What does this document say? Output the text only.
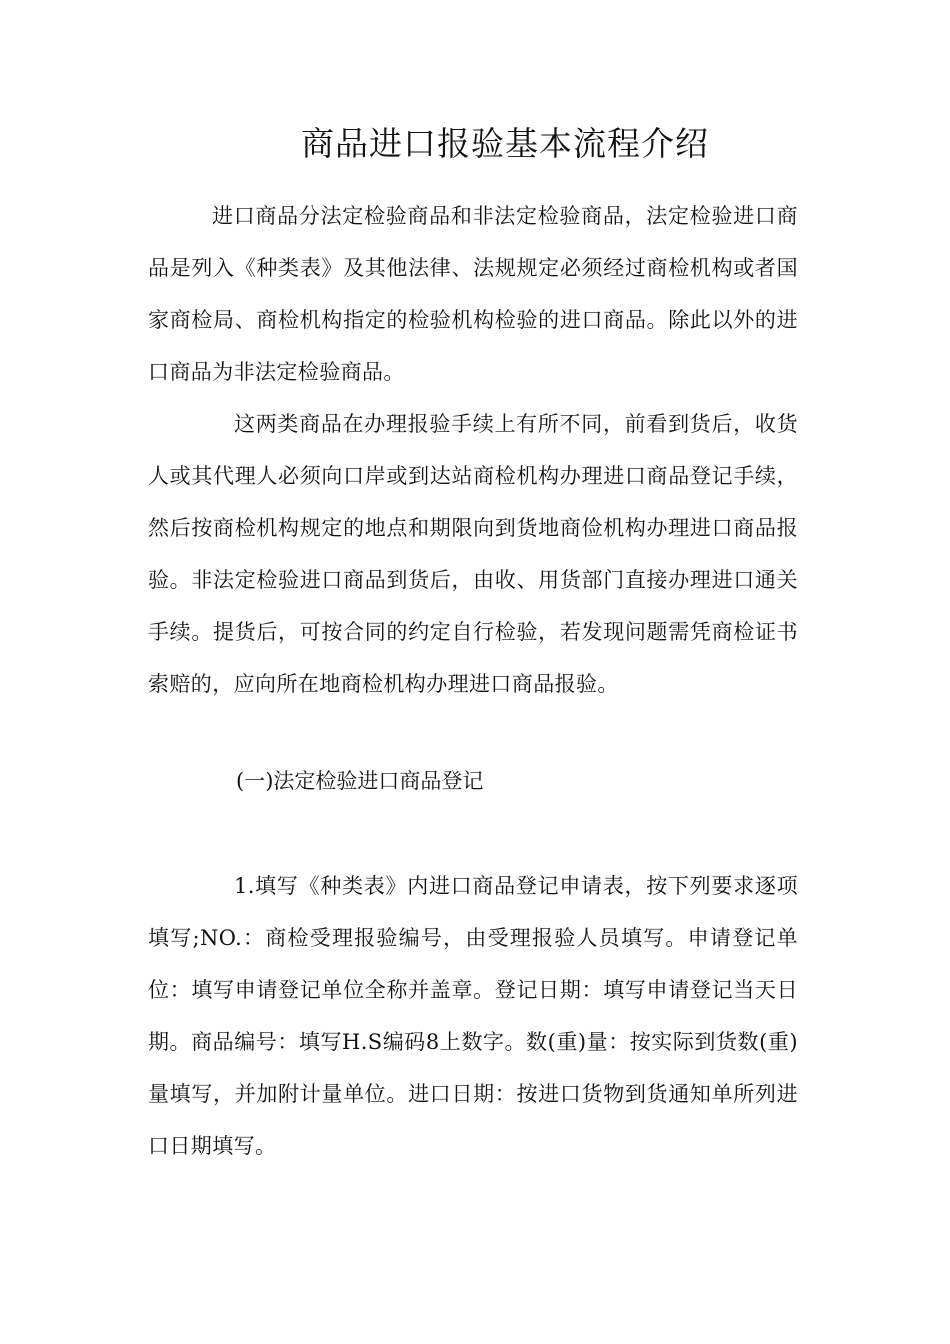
商品进口报验基本流程介绍

进口商品分法定检验商品和非法定检验商品，法定检验进口商品是列入《种类表》及其他法律、法规规定必须经过商检机构或者国家商检局、商检机构指定的检验机构检验的进口商品。除此以外的进口商品为非法定检验商品。

这两类商品在办理报验手续上有所不同，前看到货后，收货人或其代理人必须向口岸或到达站商检机构办理进口商品登记手续，然后按商检机构规定的地点和期限向到货地商俭机构办理进口商品报验。非法定检验进口商品到货后，由收、用货部门直接办理进口通关手续。提货后，可按合同的约定自行检验，若发现问题需凭商检证书索赔的，应向所在地商检机构办理进口商品报验。

(一)法定检验进口商品登记

1.填写《种类表》内进口商品登记申请表，按下列要求逐项填写;NO.：商检受理报验编号，由受理报验人员填写。申请登记单位：填写申请登记单位全称并盖章。登记日期：填写申请登记当天日期。商品编号：填写H.S编码8上数字。数(重)量：按实际到货数(重)量填写，并加附计量单位。进口日期：按进口货物到货通知单所列进口日期填写。
